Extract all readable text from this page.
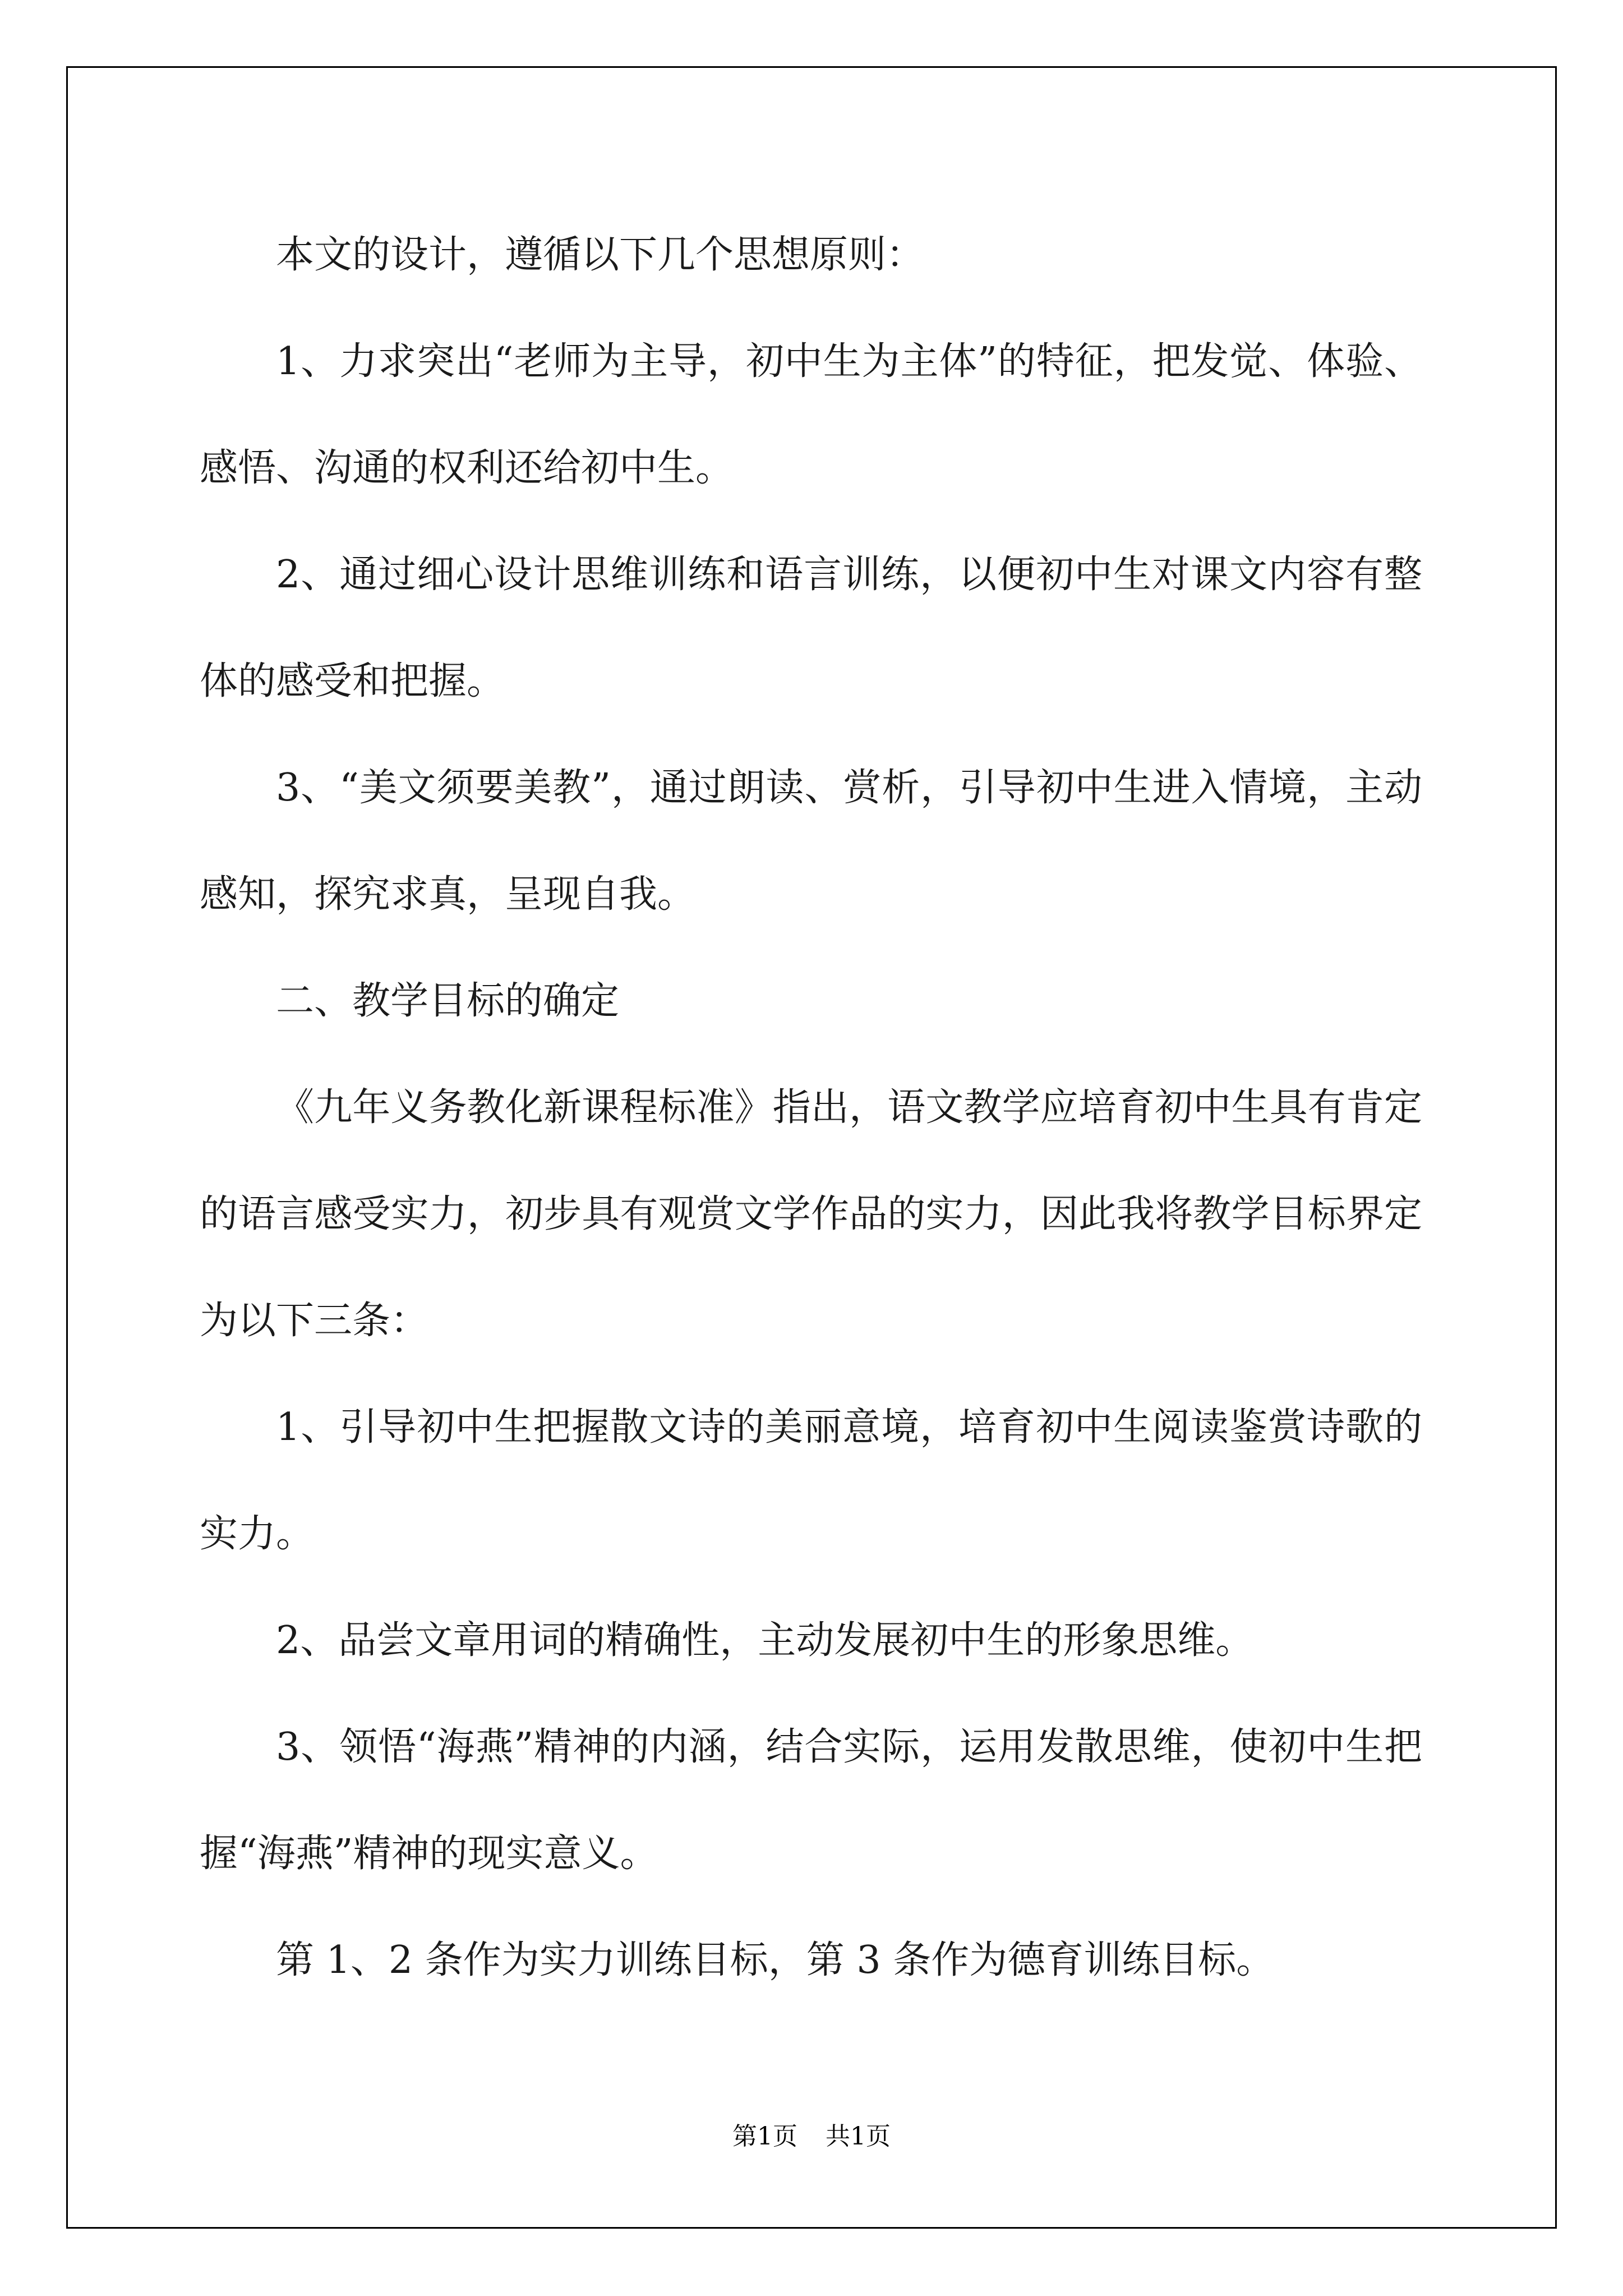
本文的设计，遵循以下几个思想原则：

1、力求突出“老师为主导，初中生为主体”的特征，把发觉、体验、感悟、沟通的权利还给初中生。

2、通过细心设计思维训练和语言训练，以便初中生对课文内容有整体的感受和把握。

3、“美文须要美教”，通过朗读、赏析，引导初中生进入情境，主动感知，探究求真，呈现自我。

二、教学目标的确定

《九年义务教化新课程标准》指出，语文教学应培育初中生具有肯定的语言感受实力，初步具有观赏文学作品的实力，因此我将教学目标界定为以下三条：

1、引导初中生把握散文诗的美丽意境，培育初中生阅读鉴赏诗歌的实力。

2、品尝文章用词的精确性，主动发展初中生的形象思维。

3、领悟“海燕”精神的内涵，结合实际，运用发散思维，使初中生把握“海燕”精神的现实意义。

第 1、2 条作为实力训练目标，第 3 条作为德育训练目标。

第1页 共1页
